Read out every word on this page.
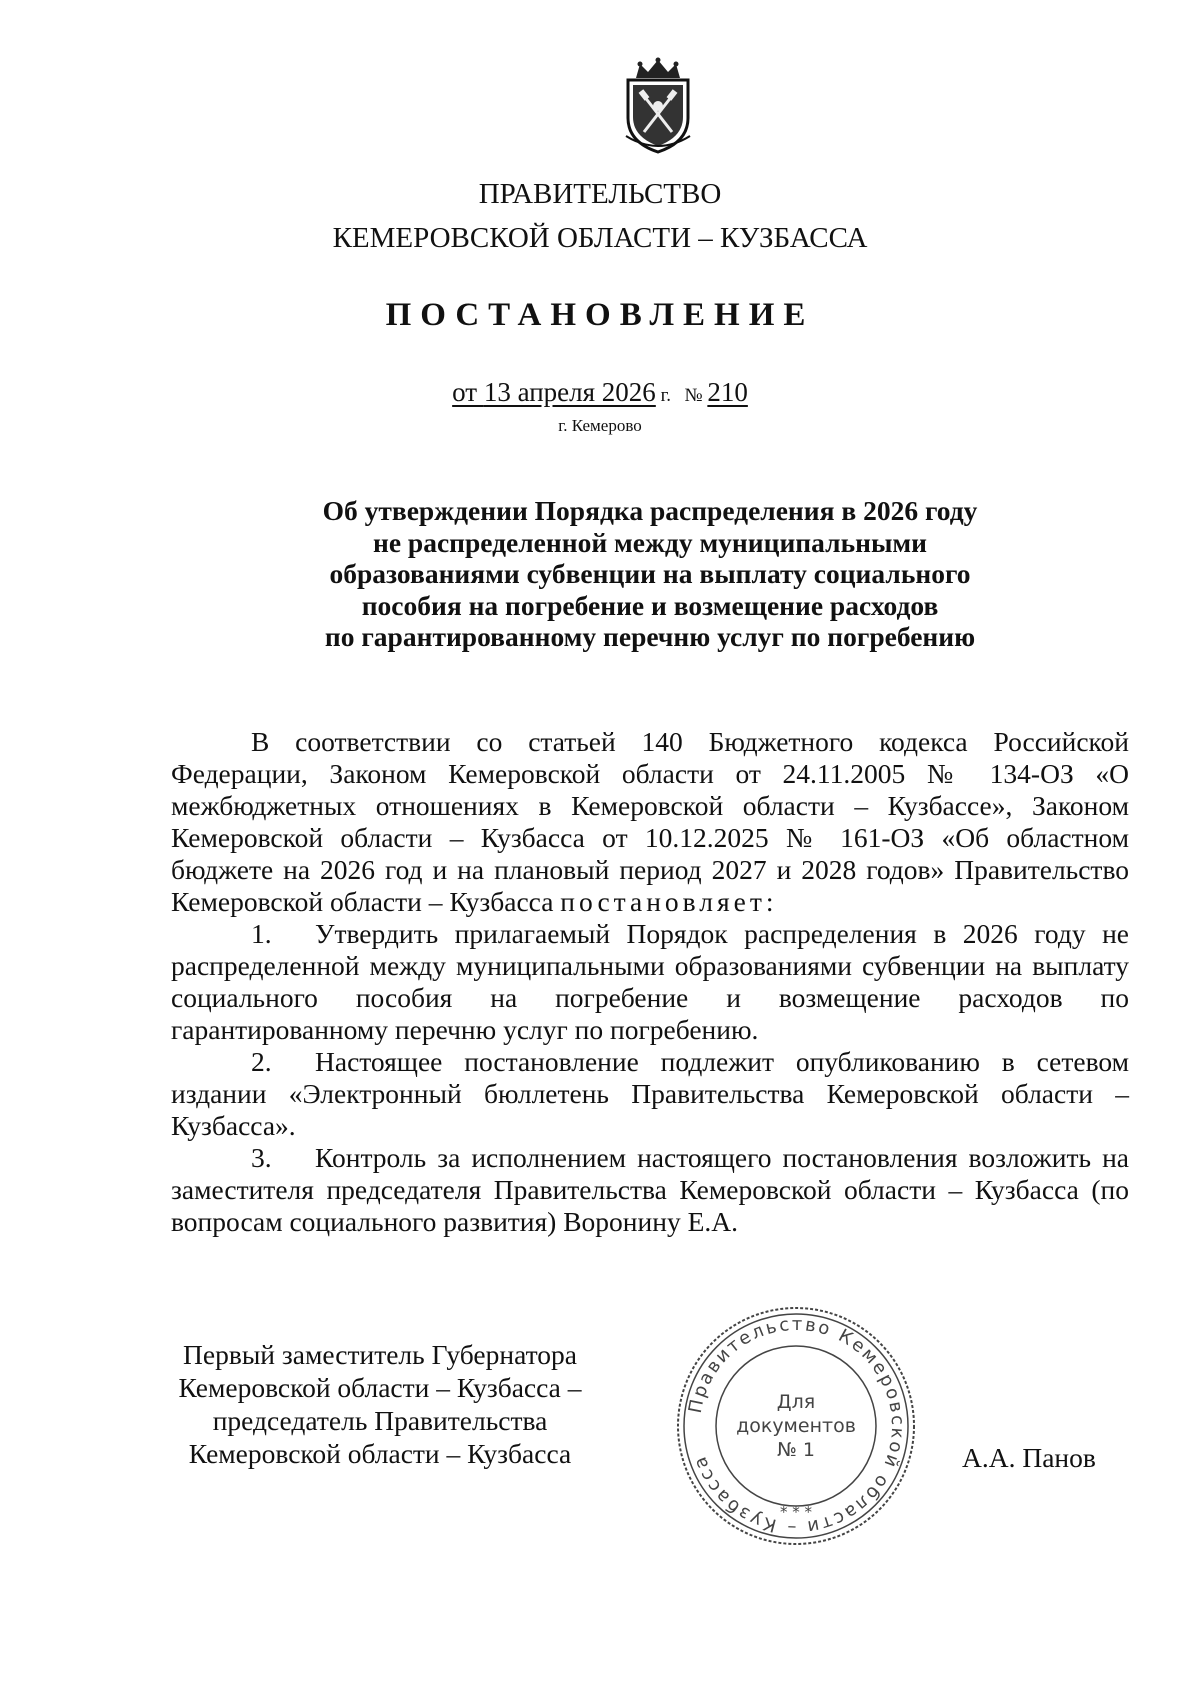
ПРАВИТЕЛЬСТВО
КЕМЕРОВСКОЙ ОБЛАСТИ – КУЗБАССА
ПОСТАНОВЛЕНИЕ
от 13 апреля 2026 г. № 210
г. Кемерово
Об утверждении Порядка распределения в 2026 году
не распределенной между муниципальными
образованиями субвенции на выплату социального
пособия на погребение и возмещение расходов
по гарантированному перечню услуг по погребению

В соответствии со статьей 140 Бюджетного кодекса Российской Федерации, Законом Кемеровской области от 24.11.2005 № 134-ОЗ «О межбюджетных отношениях в Кемеровской области – Кузбассе», Законом Кемеровской области – Кузбасса от 10.12.2025 № 161-ОЗ «Об областном бюджете на 2026 год и на плановый период 2027 и 2028 годов» Правительство Кемеровской области – Кузбасса постановляет:

1. Утвердить прилагаемый Порядок распределения в 2026 году не распределенной между муниципальными образованиями субвенции на выплату социального пособия на погребение и возмещение расходов по гарантированному перечню услуг по погребению.

2. Настоящее постановление подлежит опубликованию в сетевом издании «Электронный бюллетень Правительства Кемеровской области – Кузбасса».

3. Контроль за исполнением настоящего постановления возложить на заместителя председателя Правительства Кемеровской области – Кузбасса (по вопросам социального развития) Воронину Е.А.

Первый заместитель Губернатора
Кемеровской области – Кузбасса –
председатель Правительства
Кемеровской области – Кузбасса
Правительство Кемеровской области – Кузбасса
* * *
Для
документов
№ 1	А.А. Панов
